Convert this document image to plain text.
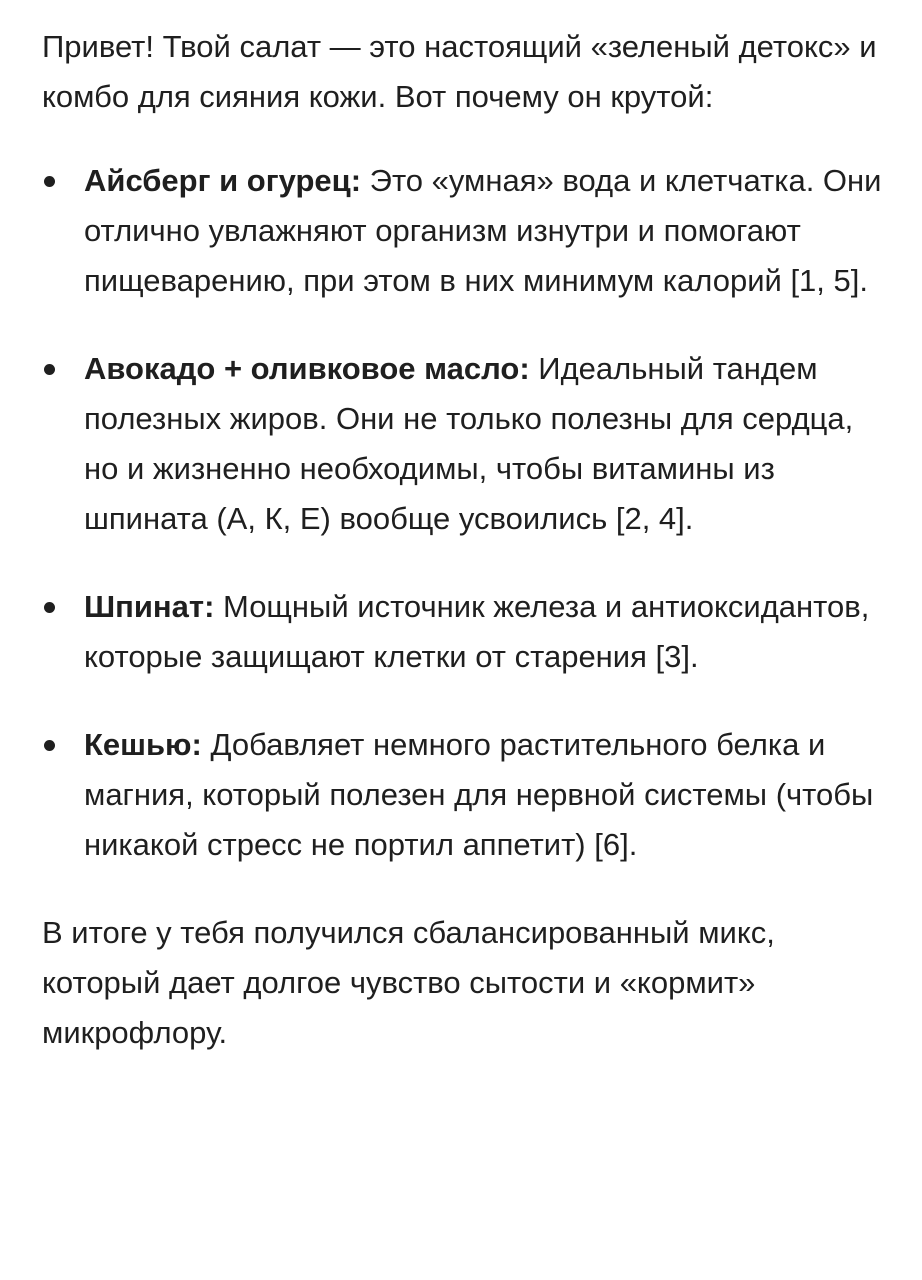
Привет! Твой салат — это настоящий «зеленый детокс» и комбо для сияния кожи. Вот почему он крутой:

Айсберг и огурец: Это «умная» вода и клетчатка. Они отлично увлажняют организм изнутри и помогают пищеварению, при этом в них минимум калорий [1, 5].
Авокадо + оливковое масло: Идеальный тандем полезных жиров. Они не только полезны для сердца, но и жизненно необходимы, чтобы витамины из шпината (А, К, Е) вообще усвоились [2, 4].
Шпинат: Мощный источник железа и антиоксидантов, которые защищают клетки от старения [3].
Кешью: Добавляет немного растительного белка и магния, который полезен для нервной системы (чтобы никакой стресс не портил аппетит) [6].

В итоге у тебя получился сбалансированный микс, который дает долгое чувство сытости и «кормит» микрофлору.
